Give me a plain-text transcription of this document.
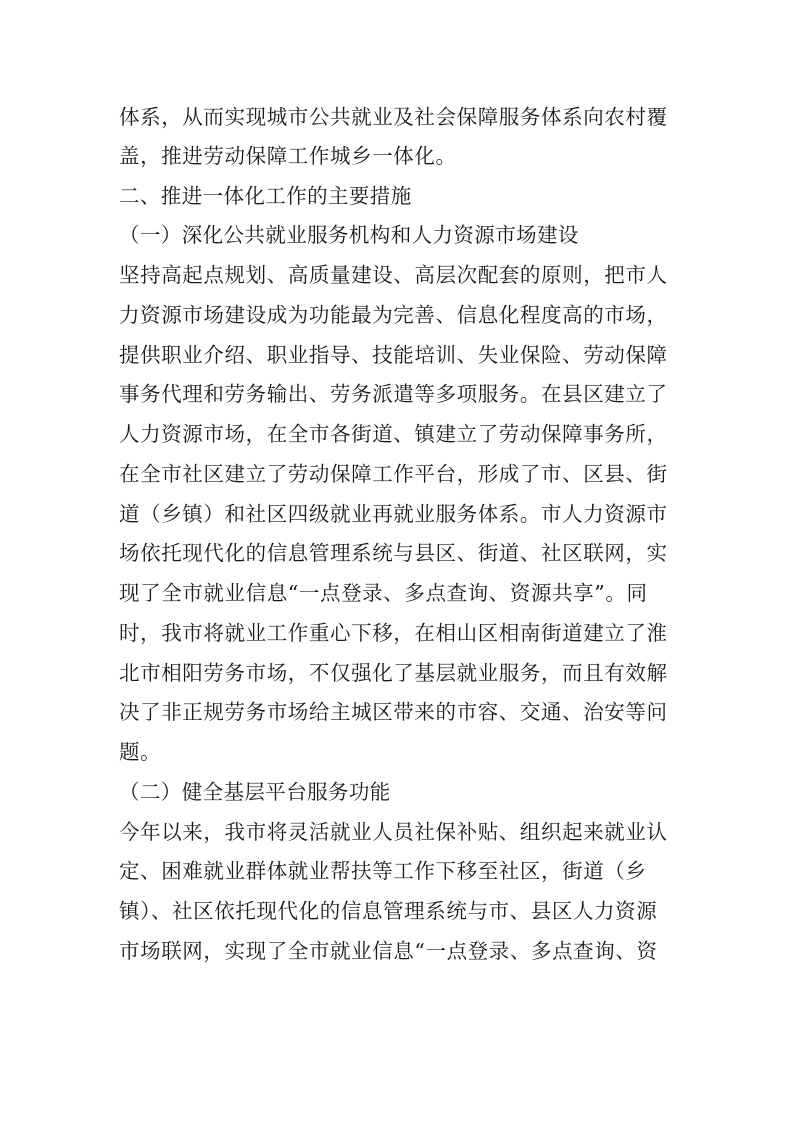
体系，从而实现城市公共就业及社会保障服务体系向农村覆
盖，推进劳动保障工作城乡一体化。
二、推进一体化工作的主要措施
（一）深化公共就业服务机构和人力资源市场建设
坚持高起点规划、高质量建设、高层次配套的原则，把市人
力资源市场建设成为功能最为完善、信息化程度高的市场，
提供职业介绍、职业指导、技能培训、失业保险、劳动保障
事务代理和劳务输出、劳务派遣等多项服务。在县区建立了
人力资源市场，在全市各街道、镇建立了劳动保障事务所，
在全市社区建立了劳动保障工作平台，形成了市、区县、街
道（乡镇）和社区四级就业再就业服务体系。市人力资源市
场依托现代化的信息管理系统与县区、街道、社区联网，实
现了全市就业信息“一点登录、多点查询、资源共享”。同
时，我市将就业工作重心下移，在相山区相南街道建立了淮
北市相阳劳务市场，不仅强化了基层就业服务，而且有效解
决了非正规劳务市场给主城区带来的市容、交通、治安等问
题。
（二）健全基层平台服务功能
今年以来，我市将灵活就业人员社保补贴、组织起来就业认
定、困难就业群体就业帮扶等工作下移至社区，街道（乡
镇）、社区依托现代化的信息管理系统与市、县区人力资源
市场联网，实现了全市就业信息“一点登录、多点查询、资
